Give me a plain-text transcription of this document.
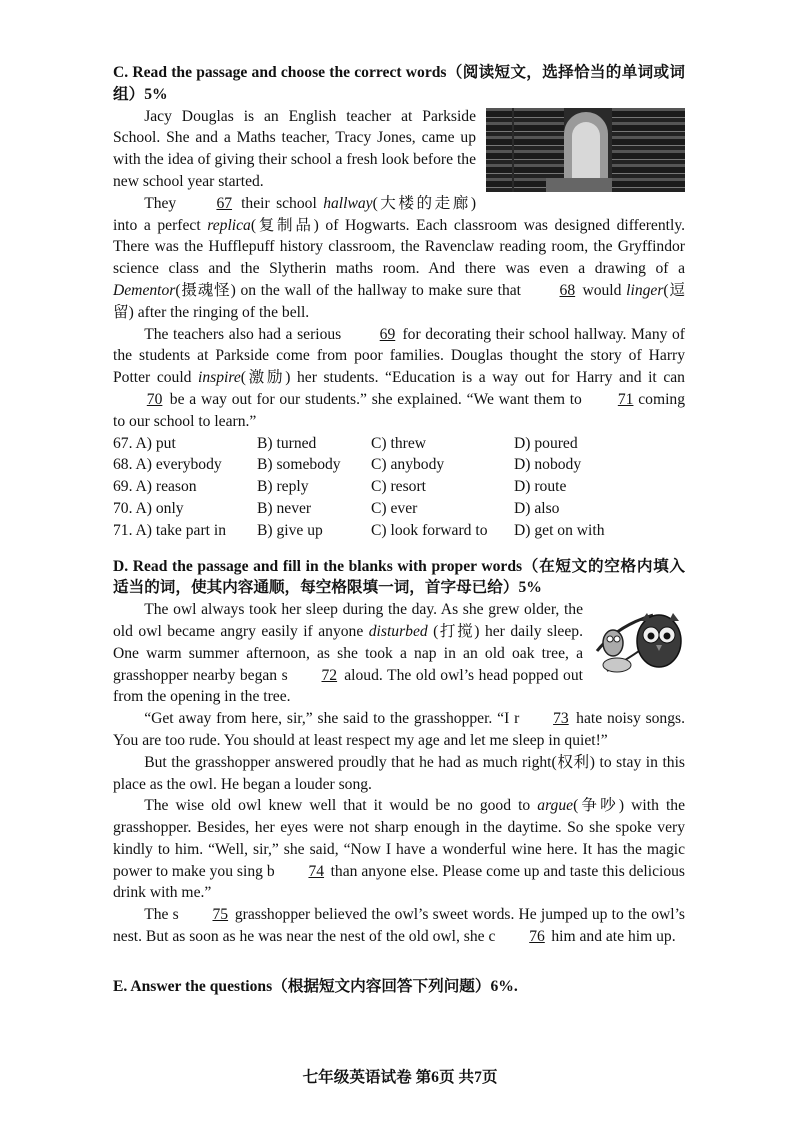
C. Read the passage and choose the correct words（阅读短文，选择恰当的单词或词组）5%

Jacy Douglas is an English teacher at Parkside School. She and a Maths teacher, Tracy Jones, came up with the idea of giving their school a fresh look before the new school year started.

They	67 their school hallway(大楼的走廊) into a perfect replica(复制品) of Hogwarts. Each classroom was designed differently. There was the Hufflepuff history classroom, the Ravenclaw reading room, the Gryffindor science class and the Slytherin maths room. And there was even a drawing of a Dementor(摄魂怪) on the wall of the hallway to make sure that 68 would linger(逗留) after the ringing of the bell.

The teachers also had a serious 69 for decorating their school hallway. Many of the students at Parkside come from poor families. Douglas thought the story of Harry Potter could inspire(激励) her students. “Education is a way out for Harry and it can 70 be a way out for our students.” she explained. “We want them to 71 coming to our school to learn.”

67. A) put	B) turned	C) threw	D) poured
68. A) everybody	B) somebody	C) anybody	D) nobody
69. A) reason	B) reply	C) resort	D) route
70. A) only	B) never	C) ever	D) also
71. A) take part in	B) give up	C) look forward to	D) get on with

D. Read the passage and fill in the blanks with proper words（在短文的空格内填入适当的词，使其内容通顺，每空格限填一词，首字母已给）5%

The owl always took her sleep during the day. As she grew older, the old owl became angry easily if anyone disturbed (打搅) her daily sleep. One warm summer afternoon, as she took a nap in an old oak tree, a grasshopper nearby began s 72 aloud. The old owl’s head popped out from the opening in the tree.

“Get away from here, sir,” she said to the grasshopper. “I r 73 hate noisy songs. You are too rude. You should at least respect my age and let me sleep in quiet!”

But the grasshopper answered proudly that he had as much right(权利) to stay in this place as the owl. He began a louder song.

The wise old owl knew well that it would be no good to argue(争吵) with the grasshopper. Besides, her eyes were not sharp enough in the daytime. So she spoke very kindly to him. “Well, sir,” she said, “Now I have a wonderful wine here. It has the magic power to make you sing b 74 than anyone else. Please come up and taste this delicious drink with me.”

The s 75 grasshopper believed the owl’s sweet words. He jumped up to the owl’s nest. But as soon as he was near the nest of the old owl, she c 76 him and ate him up.

E. Answer the questions（根据短文内容回答下列问题）6%.

七年级英语试卷 第6页 共7页
